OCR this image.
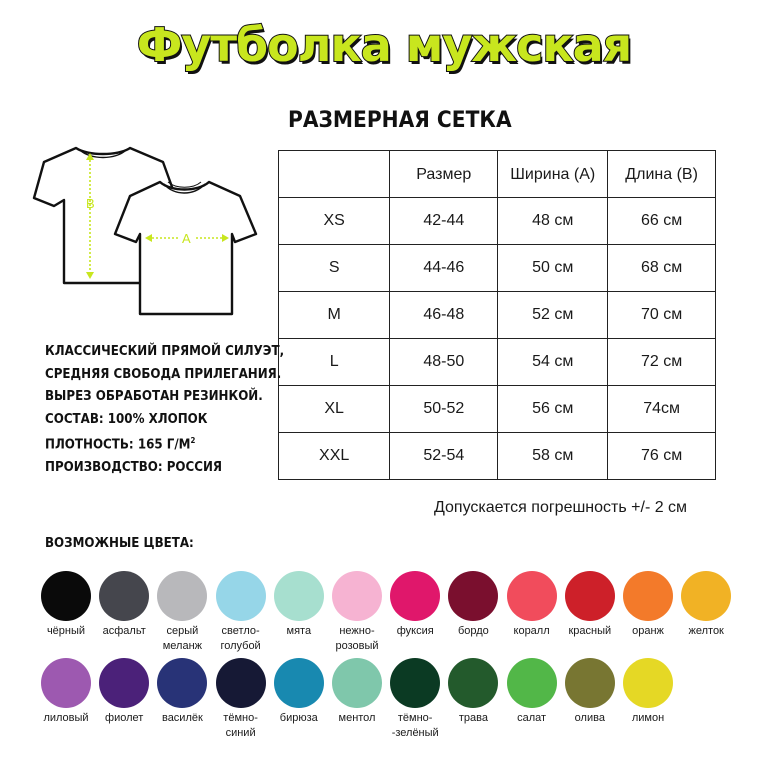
Футболка мужская
РАЗМЕРНАЯ СЕТКА
B
A
	Размер	Ширина (А)	Длина (В)
XS	42-44	48 см	66 см
S	44-46	50 см	68 см
M	46-48	52 см	70 см
L	48-50	54 см	72 см
XL	50-52	56 см	74см
XXL	52-54	58 см	76 см
Допускается погрешность +/- 2 см
КЛАССИЧЕСКИЙ ПРЯМОЙ СИЛУЭТ,
СРЕДНЯЯ СВОБОДА ПРИЛЕГАНИЯ.
ВЫРЕЗ ОБРАБОТАН РЕЗИНКОЙ.
СОСТАВ: 100% ХЛОПОК
ПЛОТНОСТЬ: 165 $Г/М^2$
ПРОИЗВОДСТВО: РОССИЯ
ВОЗМОЖНЫЕ ЦВЕТА:
чёрный	асфальт	серый
меланж
светло-
голубой
мята	нежно-
розовый
фуксия	бордо	коралл	красный	оранж	желток
лиловый	фиолет	василёк	тёмно-
синий
бирюза	ментол	тёмно-
-зелёный
трава	салат	олива	лимон
